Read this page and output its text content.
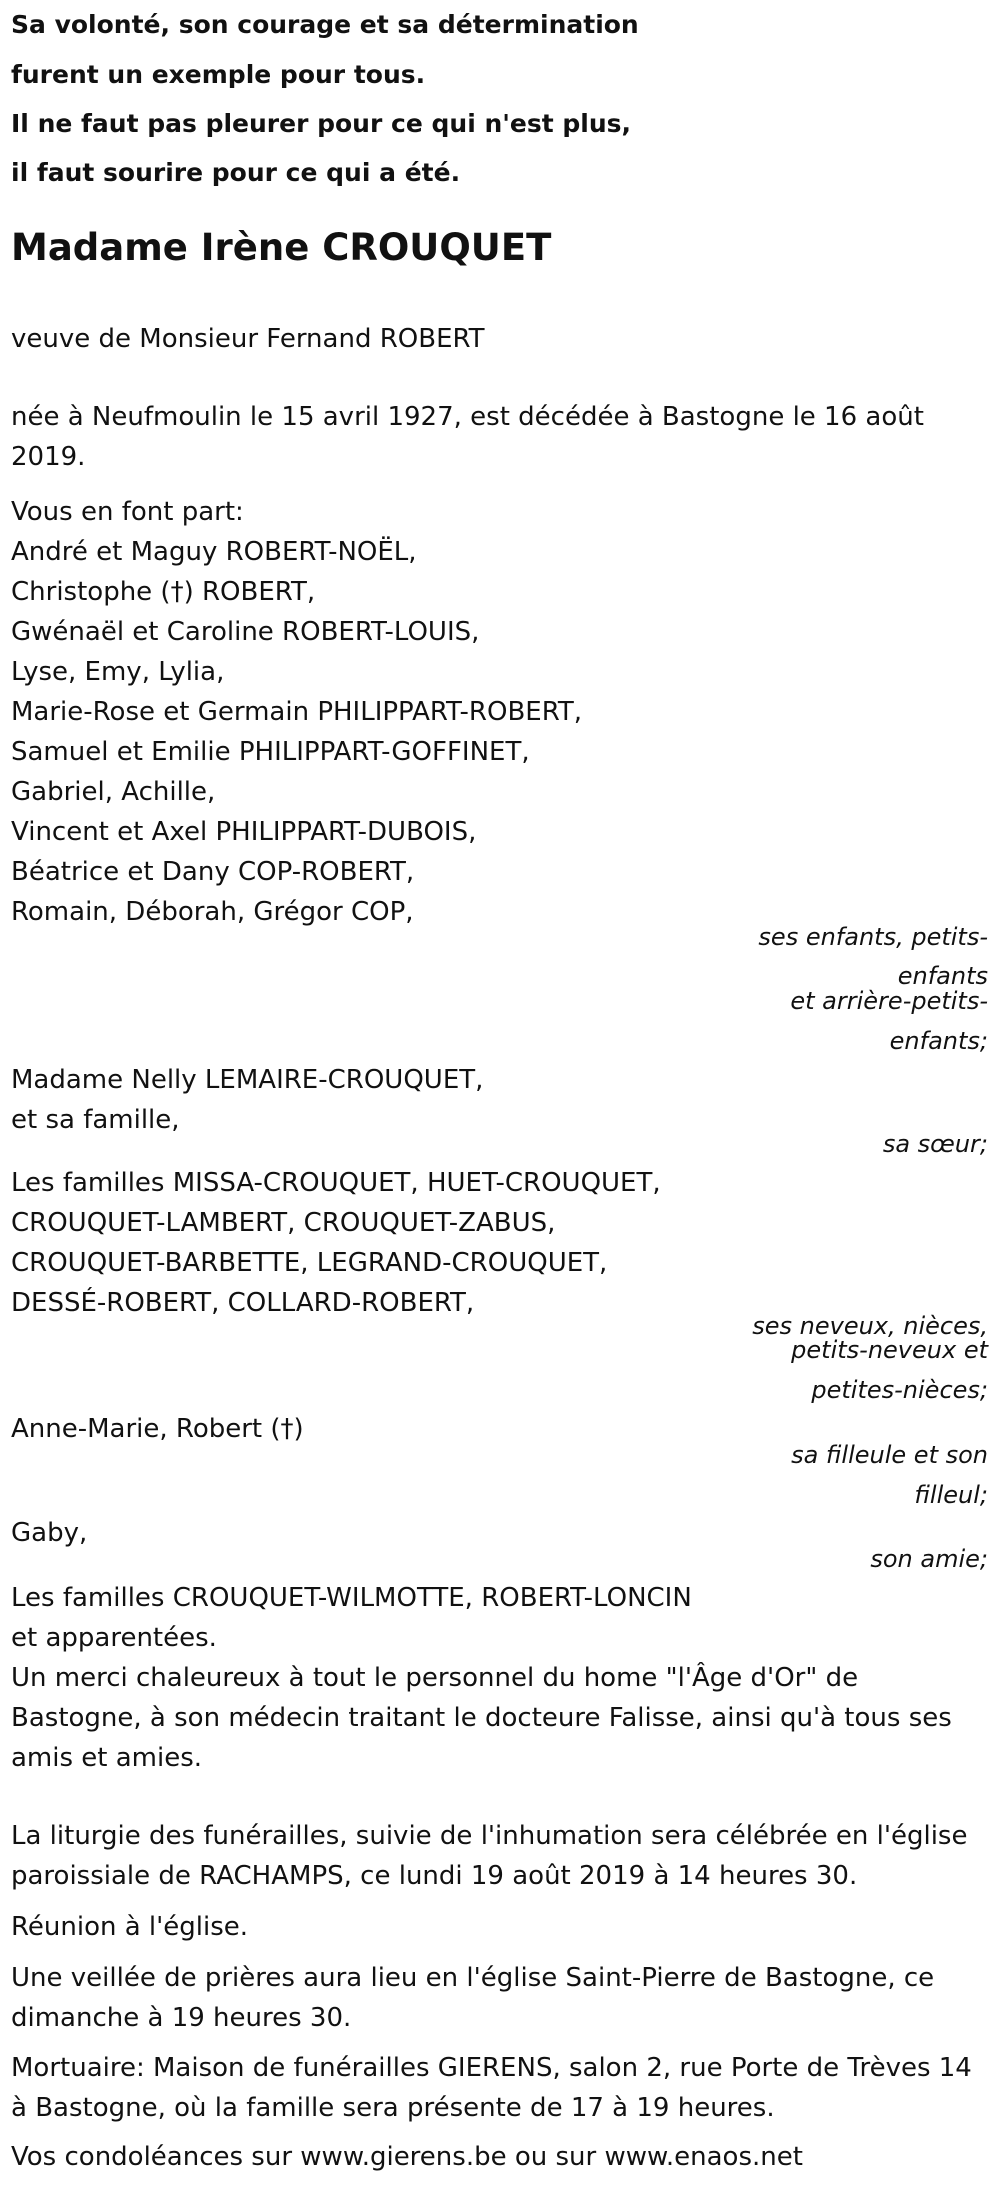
Sa volonté, son courage et sa détermination
furent un exemple pour tous.
Il ne faut pas pleurer pour ce qui n'est plus,
il faut sourire pour ce qui a été.
Madame Irène CROUQUET
veuve de Monsieur Fernand ROBERT
née à Neufmoulin le 15 avril 1927, est décédée à Bastogne le 16 août
2019.
Vous en font part:
André et Maguy ROBERT-NOËL,
Christophe (†) ROBERT,
Gwénaël et Caroline ROBERT-LOUIS,
Lyse, Emy, Lylia,
Marie-Rose et Germain PHILIPPART-ROBERT,
Samuel et Emilie PHILIPPART-GOFFINET,
Gabriel, Achille,
Vincent et Axel PHILIPPART-DUBOIS,
Béatrice et Dany COP-ROBERT,
Romain, Déborah, Grégor COP,
ses enfants, petits-
enfants
et arrière-petits-
enfants;
Madame Nelly LEMAIRE-CROUQUET,
et sa famille,
sa sœur;
Les familles MISSA-CROUQUET, HUET-CROUQUET,
CROUQUET-LAMBERT, CROUQUET-ZABUS,
CROUQUET-BARBETTE, LEGRAND-CROUQUET,
DESSÉ-ROBERT, COLLARD-ROBERT,
ses neveux, nièces,
petits-neveux et
petites-nièces;
Anne-Marie, Robert (†)
sa filleule et son
filleul;
Gaby,
son amie;
Les familles CROUQUET-WILMOTTE, ROBERT-LONCIN
et apparentées.
Un merci chaleureux à tout le personnel du home "l'Âge d'Or" de
Bastogne, à son médecin traitant le docteure Falisse, ainsi qu'à tous ses
amis et amies.
La liturgie des funérailles, suivie de l'inhumation sera célébrée en l'église
paroissiale de RACHAMPS, ce lundi 19 août 2019 à 14 heures 30.
Réunion à l'église.
Une veillée de prières aura lieu en l'église Saint-Pierre de Bastogne, ce
dimanche à 19 heures 30.
Mortuaire: Maison de funérailles GIERENS, salon 2, rue Porte de Trèves 14
à Bastogne, où la famille sera présente de 17 à 19 heures.
Vos condoléances sur www.gierens.be ou sur www.enaos.net
